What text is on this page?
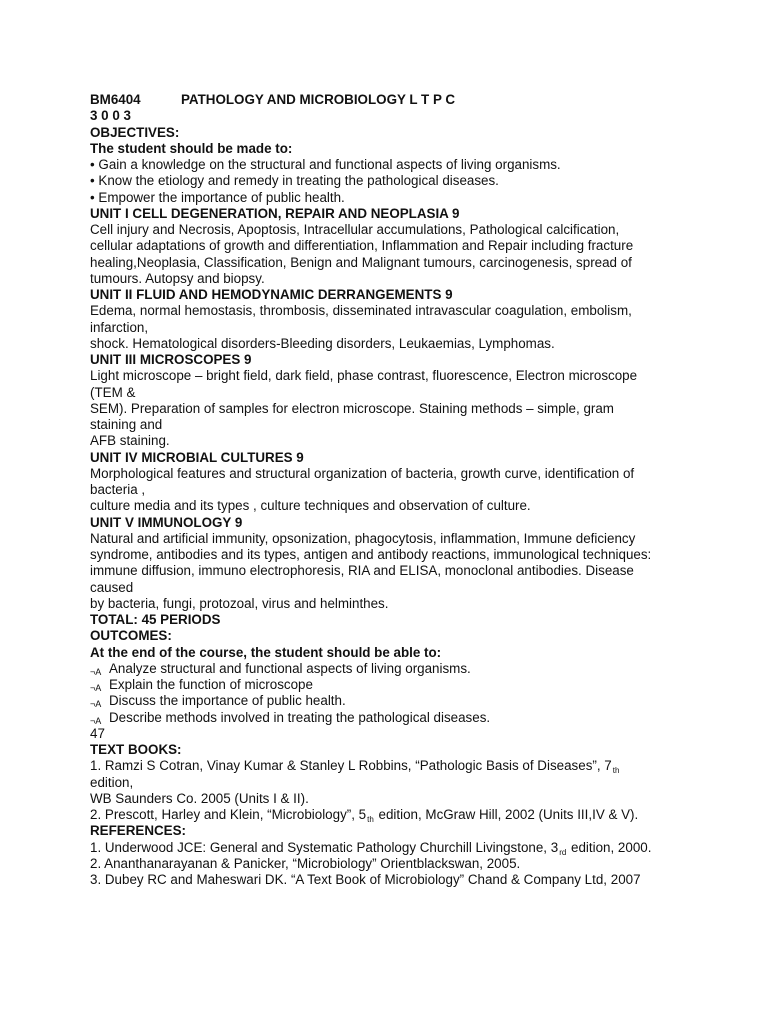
BM6404	PATHOLOGY AND MICROBIOLOGY L T P C
3 0 0 3
OBJECTIVES:
The student should be made to:
• Gain a knowledge on the structural and functional aspects of living organisms.
• Know the etiology and remedy in treating the pathological diseases.
• Empower the importance of public health.
UNIT I CELL DEGENERATION, REPAIR AND NEOPLASIA 9
Cell injury and Necrosis, Apoptosis, Intracellular accumulations, Pathological calcification,
cellular adaptations of growth and differentiation, Inflammation and Repair including fracture
healing,Neoplasia, Classification, Benign and Malignant tumours, carcinogenesis, spread of
tumours. Autopsy and biopsy.
UNIT II FLUID AND HEMODYNAMIC DERRANGEMENTS 9
Edema, normal hemostasis, thrombosis, disseminated intravascular coagulation, embolism,
infarction,
shock. Hematological disorders-Bleeding disorders, Leukaemias, Lymphomas.
UNIT III MICROSCOPES 9
Light microscope – bright field, dark field, phase contrast, fluorescence, Electron microscope
(TEM &
SEM). Preparation of samples for electron microscope. Staining methods – simple, gram
staining and
AFB staining.
UNIT IV MICROBIAL CULTURES 9
Morphological features and structural organization of bacteria, growth curve, identification of
bacteria ,
culture media and its types , culture techniques and observation of culture.
UNIT V IMMUNOLOGY 9
Natural and artificial immunity, opsonization, phagocytosis, inflammation, Immune deficiency
syndrome, antibodies and its types, antigen and antibody reactions, immunological techniques:
immune diffusion, immuno electrophoresis, RIA and ELISA, monoclonal antibodies. Disease
caused
by bacteria, fungi, protozoal, virus and helminthes.
TOTAL: 45 PERIODS
OUTCOMES:
At the end of the course, the student should be able to:
¬A Analyze structural and functional aspects of living organisms.
¬A Explain the function of microscope
¬A Discuss the importance of public health.
¬A Describe methods involved in treating the pathological diseases.
47
TEXT BOOKS:
1. Ramzi S Cotran, Vinay Kumar & Stanley L Robbins, “Pathologic Basis of Diseases”, 7th
edition,
WB Saunders Co. 2005 (Units I & II).
2. Prescott, Harley and Klein, “Microbiology”, 5th edition, McGraw Hill, 2002 (Units III,IV & V).
REFERENCES:
1. Underwood JCE: General and Systematic Pathology Churchill Livingstone, 3rd edition, 2000.
2. Ananthanarayanan & Panicker, “Microbiology” Orientblackswan, 2005.
3. Dubey RC and Maheswari DK. “A Text Book of Microbiology” Chand & Company Ltd, 2007
